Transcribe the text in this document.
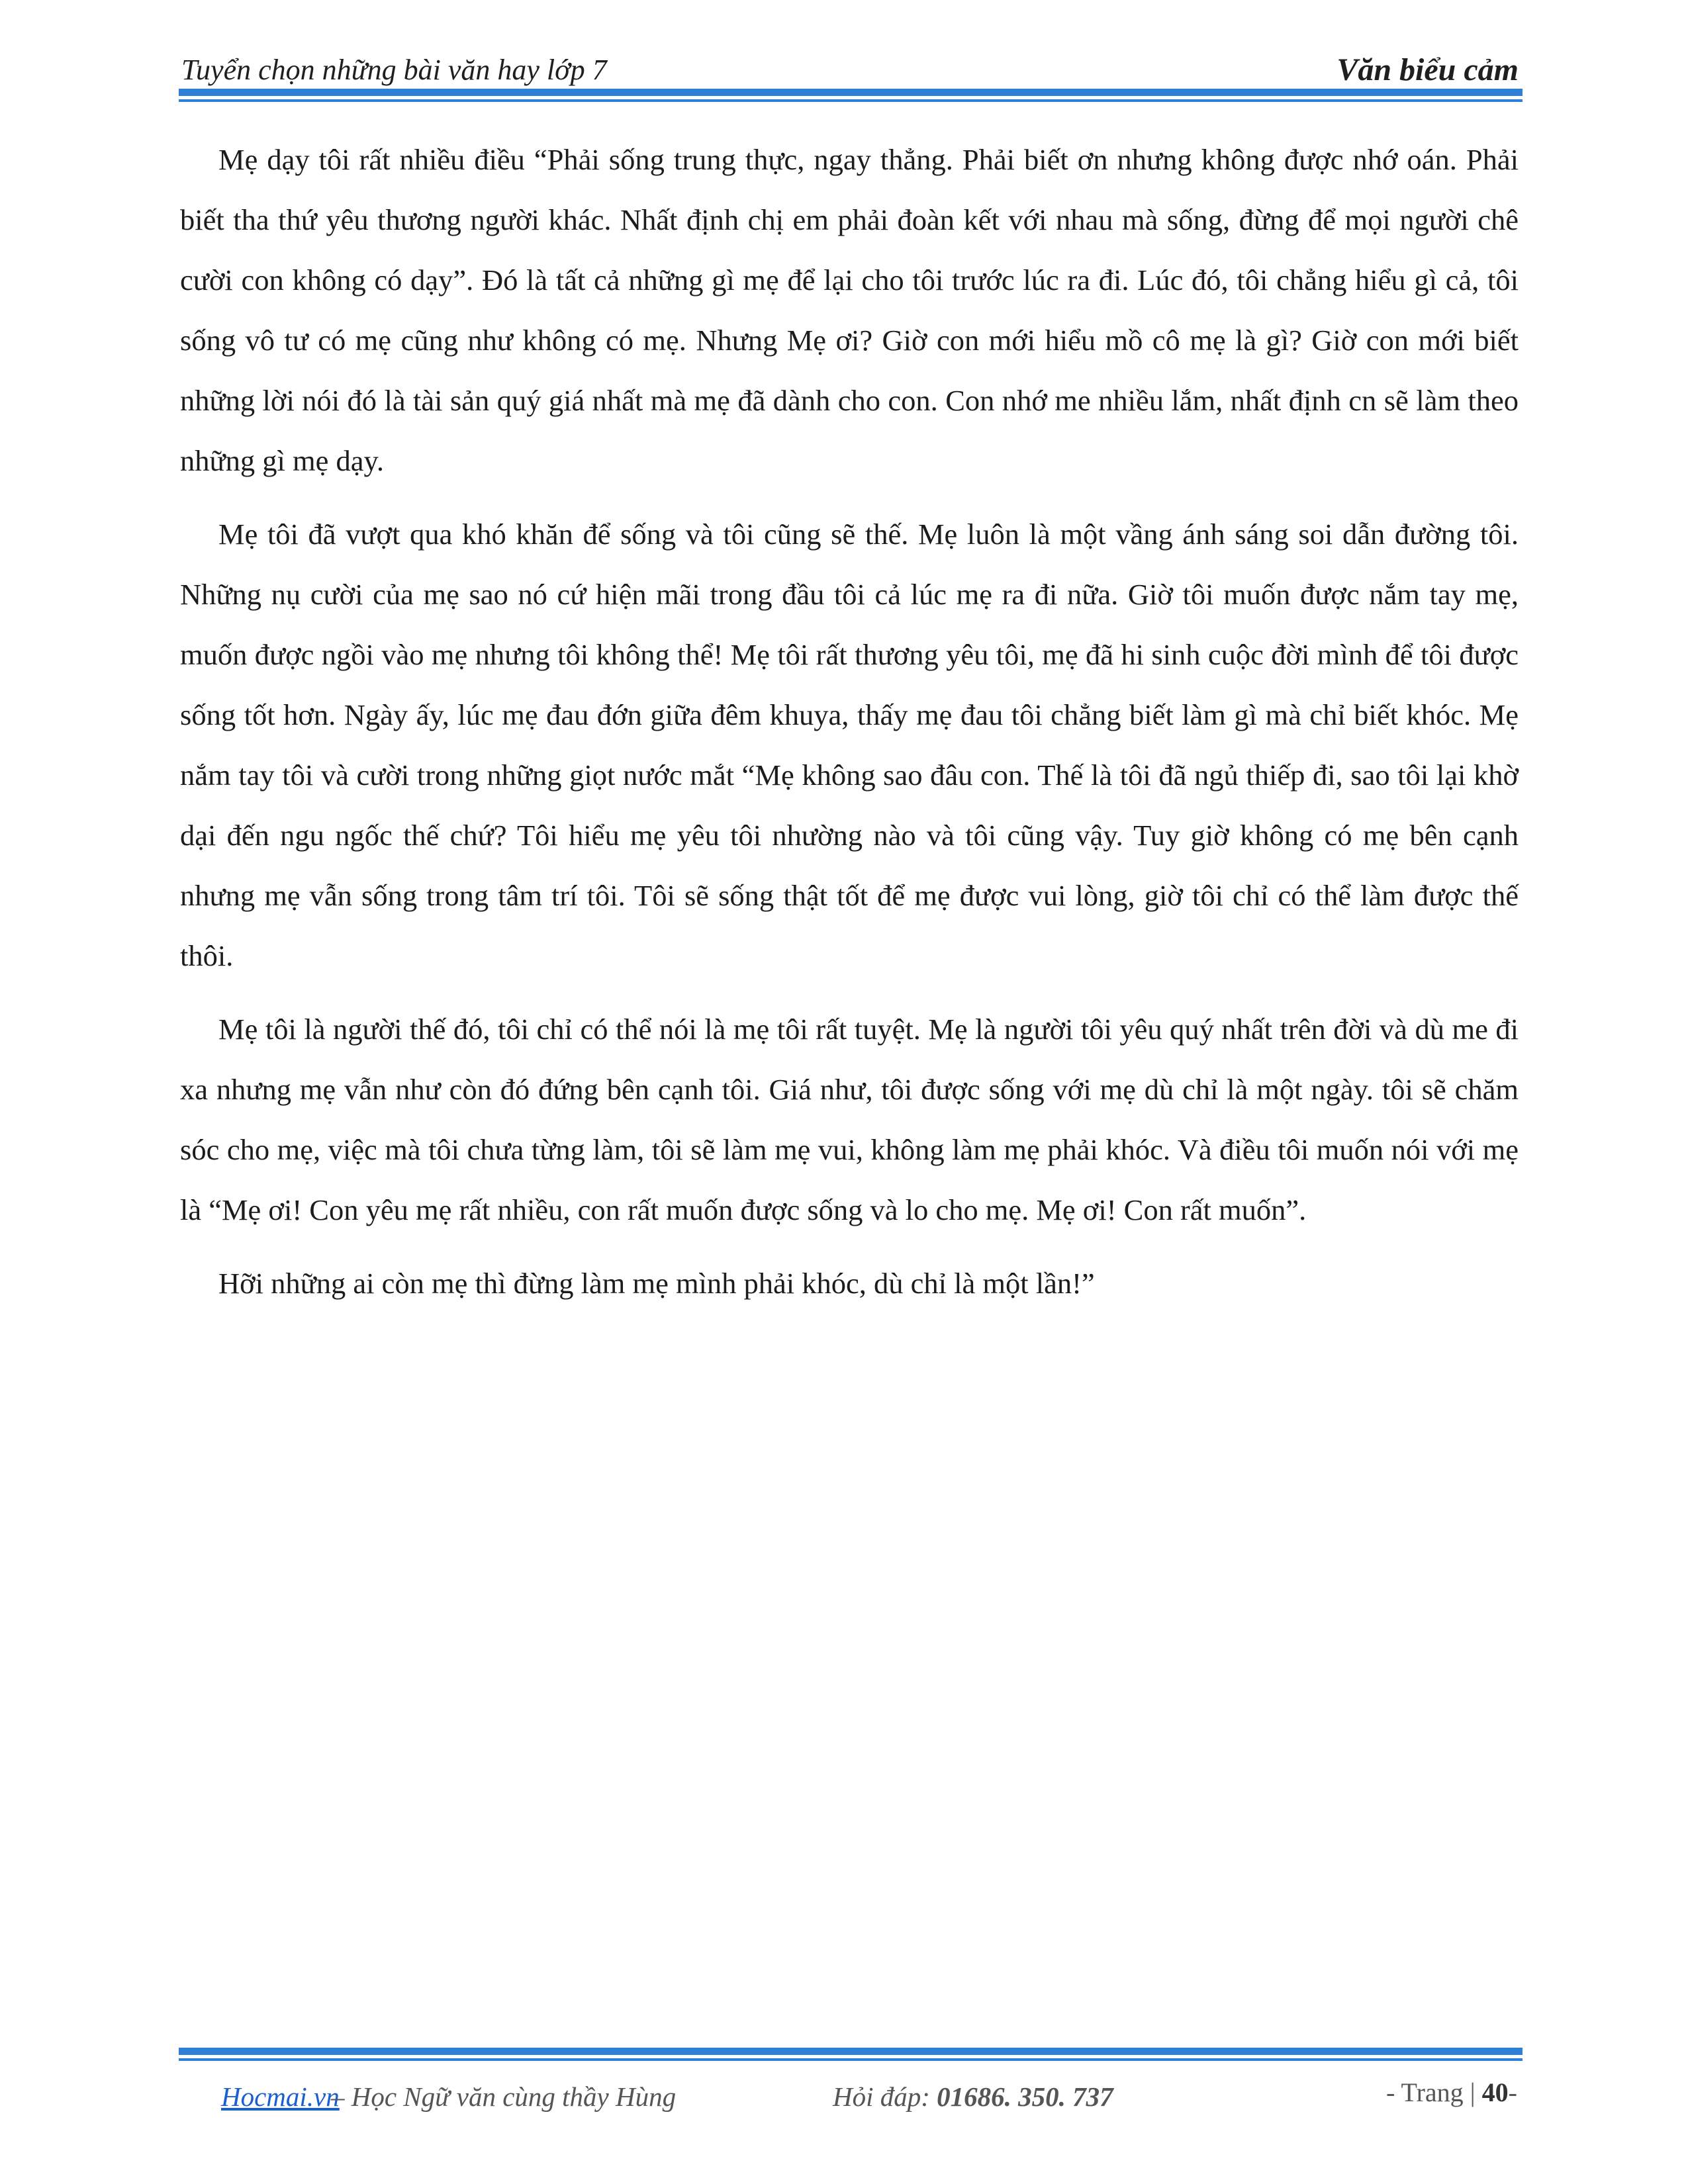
Tuyển chọn những bài văn hay lớp 7	Văn biểu cảm

Mẹ dạy tôi rất nhiều điều “Phải sống trung thực, ngay thẳng. Phải biết ơn nhưng không được nhớ oán. Phải biết tha thứ yêu thương người khác. Nhất định chị em phải đoàn kết với nhau mà sống, đừng để mọi người chê cười con không có dạy”. Đó là tất cả những gì mẹ để lại cho tôi trước lúc ra đi. Lúc đó, tôi chẳng hiểu gì cả, tôi sống vô tư có mẹ cũng như không có mẹ. Nhưng Mẹ ơi? Giờ con mới hiểu mồ cô mẹ là gì? Giờ con mới biết những lời nói đó là tài sản quý giá nhất mà mẹ đã dành cho con. Con nhớ me nhiều lắm, nhất định cn sẽ làm theo những gì mẹ dạy.

Mẹ tôi đã vượt qua khó khăn để sống và tôi cũng sẽ thế. Mẹ luôn là một vầng ánh sáng soi dẫn đường tôi. Những nụ cười của mẹ sao nó cứ hiện mãi trong đầu tôi cả lúc mẹ ra đi nữa. Giờ tôi muốn được nắm tay mẹ, muốn được ngồi vào mẹ nhưng tôi không thể! Mẹ tôi rất thương yêu tôi, mẹ đã hi sinh cuộc đời mình để tôi được sống tốt hơn. Ngày ấy, lúc mẹ đau đớn giữa đêm khuya, thấy mẹ đau tôi chẳng biết làm gì mà chỉ biết khóc. Mẹ nắm tay tôi và cười trong những giọt nước mắt “Mẹ không sao đâu con. Thế là tôi đã ngủ thiếp đi, sao tôi lại khờ dại đến ngu ngốc thế chứ? Tôi hiểu mẹ yêu tôi nhường nào và tôi cũng vậy. Tuy giờ không có mẹ bên cạnh nhưng mẹ vẫn sống trong tâm trí tôi. Tôi sẽ sống thật tốt để mẹ được vui lòng, giờ tôi chỉ có thể làm được thế thôi.

Mẹ tôi là người thế đó, tôi chỉ có thể nói là mẹ tôi rất tuyệt. Mẹ là người tôi yêu quý nhất trên đời và dù me đi xa nhưng mẹ vẫn như còn đó đứng bên cạnh tôi. Giá như, tôi được sống với mẹ dù chỉ là một ngày. tôi sẽ chăm sóc cho mẹ, việc mà tôi chưa từng làm, tôi sẽ làm mẹ vui, không làm mẹ phải khóc. Và điều tôi muốn nói với mẹ là “Mẹ ơi! Con yêu mẹ rất nhiều, con rất muốn được sống và lo cho mẹ. Mẹ ơi! Con rất muốn”.

Hỡi những ai còn mẹ thì đừng làm mẹ mình phải khóc, dù chỉ là một lần!”

Hocmai.vn
– Học Ngữ văn cùng thầy Hùng	Hỏi đáp: 01686. 350. 737	- Trang | 40-
